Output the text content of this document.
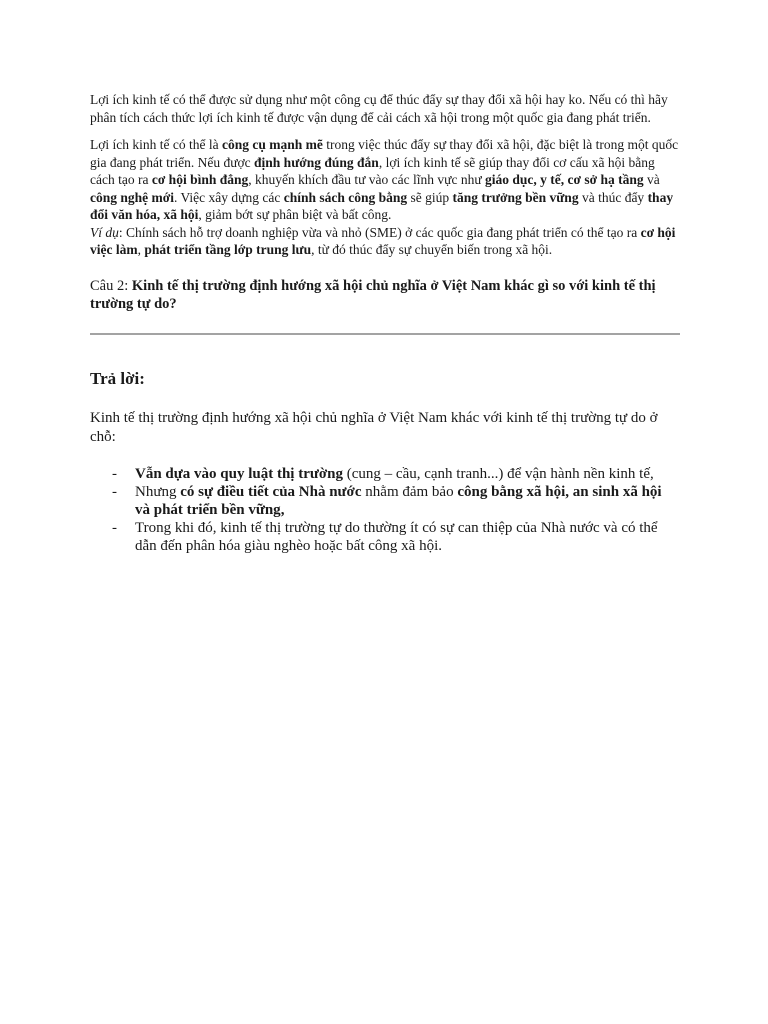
Lợi ích kinh tế có thể được sử dụng như một công cụ để thúc đẩy sự thay đổi xã hội hay ko. Nếu có thì hãy phân tích cách thức lợi ích kinh tế được vận dụng để cải cách xã hội trong một quốc gia đang phát triển.

Lợi ích kinh tế có thể là công cụ mạnh mẽ trong việc thúc đẩy sự thay đổi xã hội, đặc biệt là trong một quốc gia đang phát triển. Nếu được định hướng đúng đắn, lợi ích kinh tế sẽ giúp thay đổi cơ cấu xã hội bằng cách tạo ra cơ hội bình đẳng, khuyến khích đầu tư vào các lĩnh vực như giáo dục, y tế, cơ sở hạ tầng và công nghệ mới. Việc xây dựng các chính sách công bằng sẽ giúp tăng trưởng bền vững và thúc đẩy thay đổi văn hóa, xã hội, giảm bớt sự phân biệt và bất công.

Ví dụ: Chính sách hỗ trợ doanh nghiệp vừa và nhỏ (SME) ở các quốc gia đang phát triển có thể tạo ra cơ hội việc làm, phát triển tầng lớp trung lưu, từ đó thúc đẩy sự chuyển biến trong xã hội.

Câu 2: Kinh tế thị trường định hướng xã hội chủ nghĩa ở Việt Nam khác gì so với kinh tế thị trường tự do?

Trả lời:

Kinh tế thị trường định hướng xã hội chủ nghĩa ở Việt Nam khác với kinh tế thị trường tự do ở chỗ:

- Vẫn dựa vào quy luật thị trường (cung – cầu, cạnh tranh...) để vận hành nền kinh tế,
- Nhưng có sự điều tiết của Nhà nước nhằm đảm bảo công bằng xã hội, an sinh xã hội và phát triển bền vững,
- Trong khi đó, kinh tế thị trường tự do thường ít có sự can thiệp của Nhà nước và có thể dẫn đến phân hóa giàu nghèo hoặc bất công xã hội.
